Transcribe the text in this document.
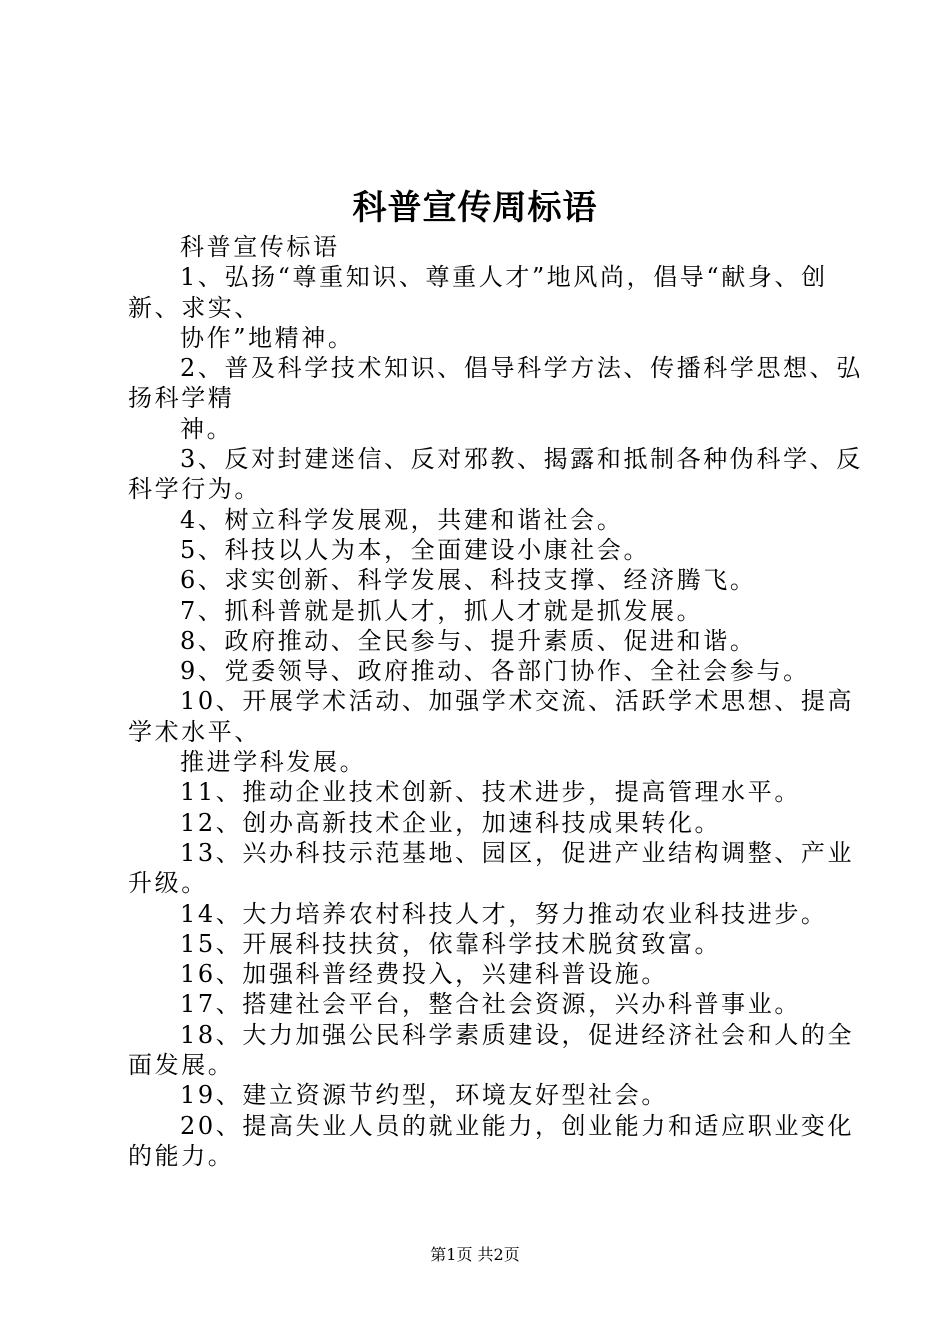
科普宣传周标语
科普宣传标语
1、弘扬“尊重知识、尊重人才”地风尚，倡导“献身、创
新、求实、
协作”地精神。
2、普及科学技术知识、倡导科学方法、传播科学思想、弘
扬科学精
神。
3、反对封建迷信、反对邪教、揭露和抵制各种伪科学、反
科学行为。
4、树立科学发展观，共建和谐社会。
5、科技以人为本，全面建设小康社会。
6、求实创新、科学发展、科技支撑、经济腾飞。
7、抓科普就是抓人才，抓人才就是抓发展。
8、政府推动、全民参与、提升素质、促进和谐。
9、党委领导、政府推动、各部门协作、全社会参与。
10、开展学术活动、加强学术交流、活跃学术思想、提高
学术水平、
推进学科发展。
11、推动企业技术创新、技术进步，提高管理水平。
12、创办高新技术企业，加速科技成果转化。
13、兴办科技示范基地、园区，促进产业结构调整、产业
升级。
14、大力培养农村科技人才，努力推动农业科技进步。
15、开展科技扶贫，依靠科学技术脱贫致富。
16、加强科普经费投入，兴建科普设施。
17、搭建社会平台，整合社会资源，兴办科普事业。
18、大力加强公民科学素质建设，促进经济社会和人的全
面发展。
19、建立资源节约型，环境友好型社会。
20、提高失业人员的就业能力，创业能力和适应职业变化
的能力。
第1页 共2页
